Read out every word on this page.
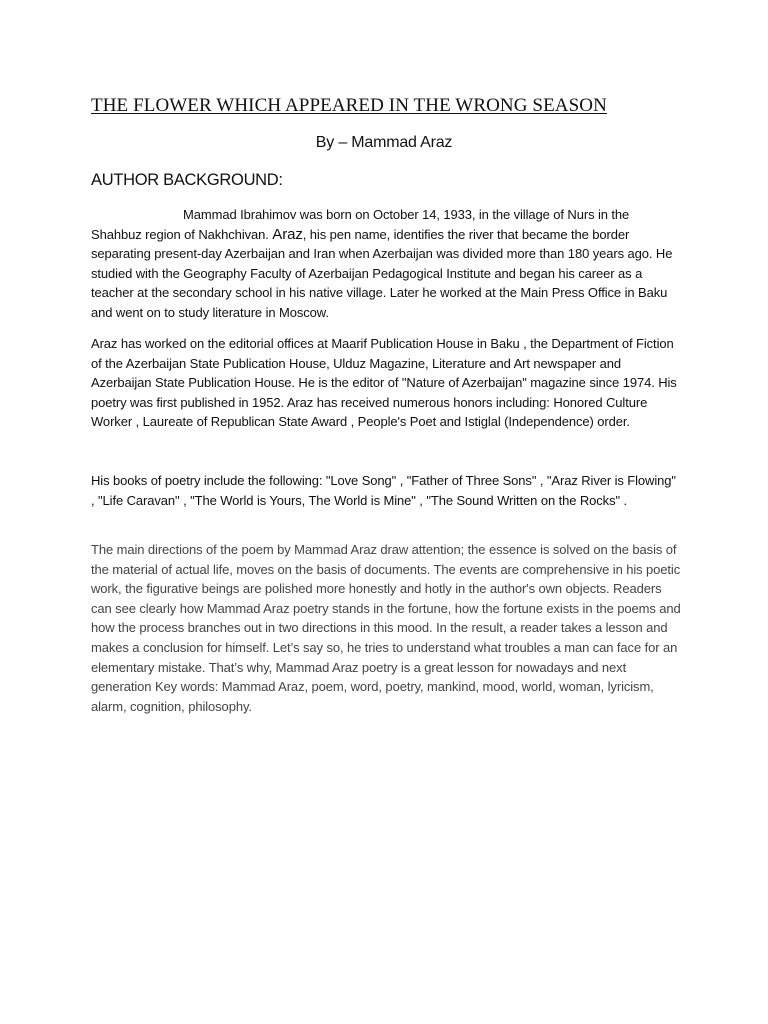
THE FLOWER WHICH APPEARED IN THE WRONG SEASON
By – Mammad Araz
AUTHOR BACKGROUND:

Mammad Ibrahimov was born on October 14, 1933, in the village of Nurs in the Shahbuz region of Nakhchivan. Araz, his pen name, identifies the river that became the border separating present-day Azerbaijan and Iran when Azerbaijan was divided more than 180 years ago. He studied with the Geography Faculty of Azerbaijan Pedagogical Institute and began his career as a teacher at the secondary school in his native village. Later he worked at the Main Press Office in Baku and went on to study literature in Moscow.

Araz has worked on the editorial offices at Maarif Publication House in Baku , the Department of Fiction of the Azerbaijan State Publication House, Ulduz Magazine, Literature and Art newspaper and Azerbaijan State Publication House. He is the editor of "Nature of Azerbaijan" magazine since 1974. His poetry was first published in 1952. Araz has received numerous honors including: Honored Culture Worker , Laureate of Republican State Award , People's Poet and Istiglal (Independence) order.

His books of poetry include the following: "Love Song" , "Father of Three Sons" , "Araz River is Flowing" , "Life Caravan" , "The World is Yours, The World is Mine" , "The Sound Written on the Rocks" .

The main directions of the poem by Mammad Araz draw attention; the essence is solved on the basis of the material of actual life, moves on the basis of documents. The events are comprehensive in his poetic work, the figurative beings are polished more honestly and hotly in the author's own objects. Readers can see clearly how Mammad Araz poetry stands in the fortune, how the fortune exists in the poems and how the process branches out in two directions in this mood. In the result, a reader takes a lesson and makes a conclusion for himself. Let’s say so, he tries to understand what troubles a man can face for an elementary mistake. That’s why, Mammad Araz poetry is a great lesson for nowadays and next generation Key words: Mammad Araz, poem, word, poetry, mankind, mood, world, woman, lyricism, alarm, cognition, philosophy.
